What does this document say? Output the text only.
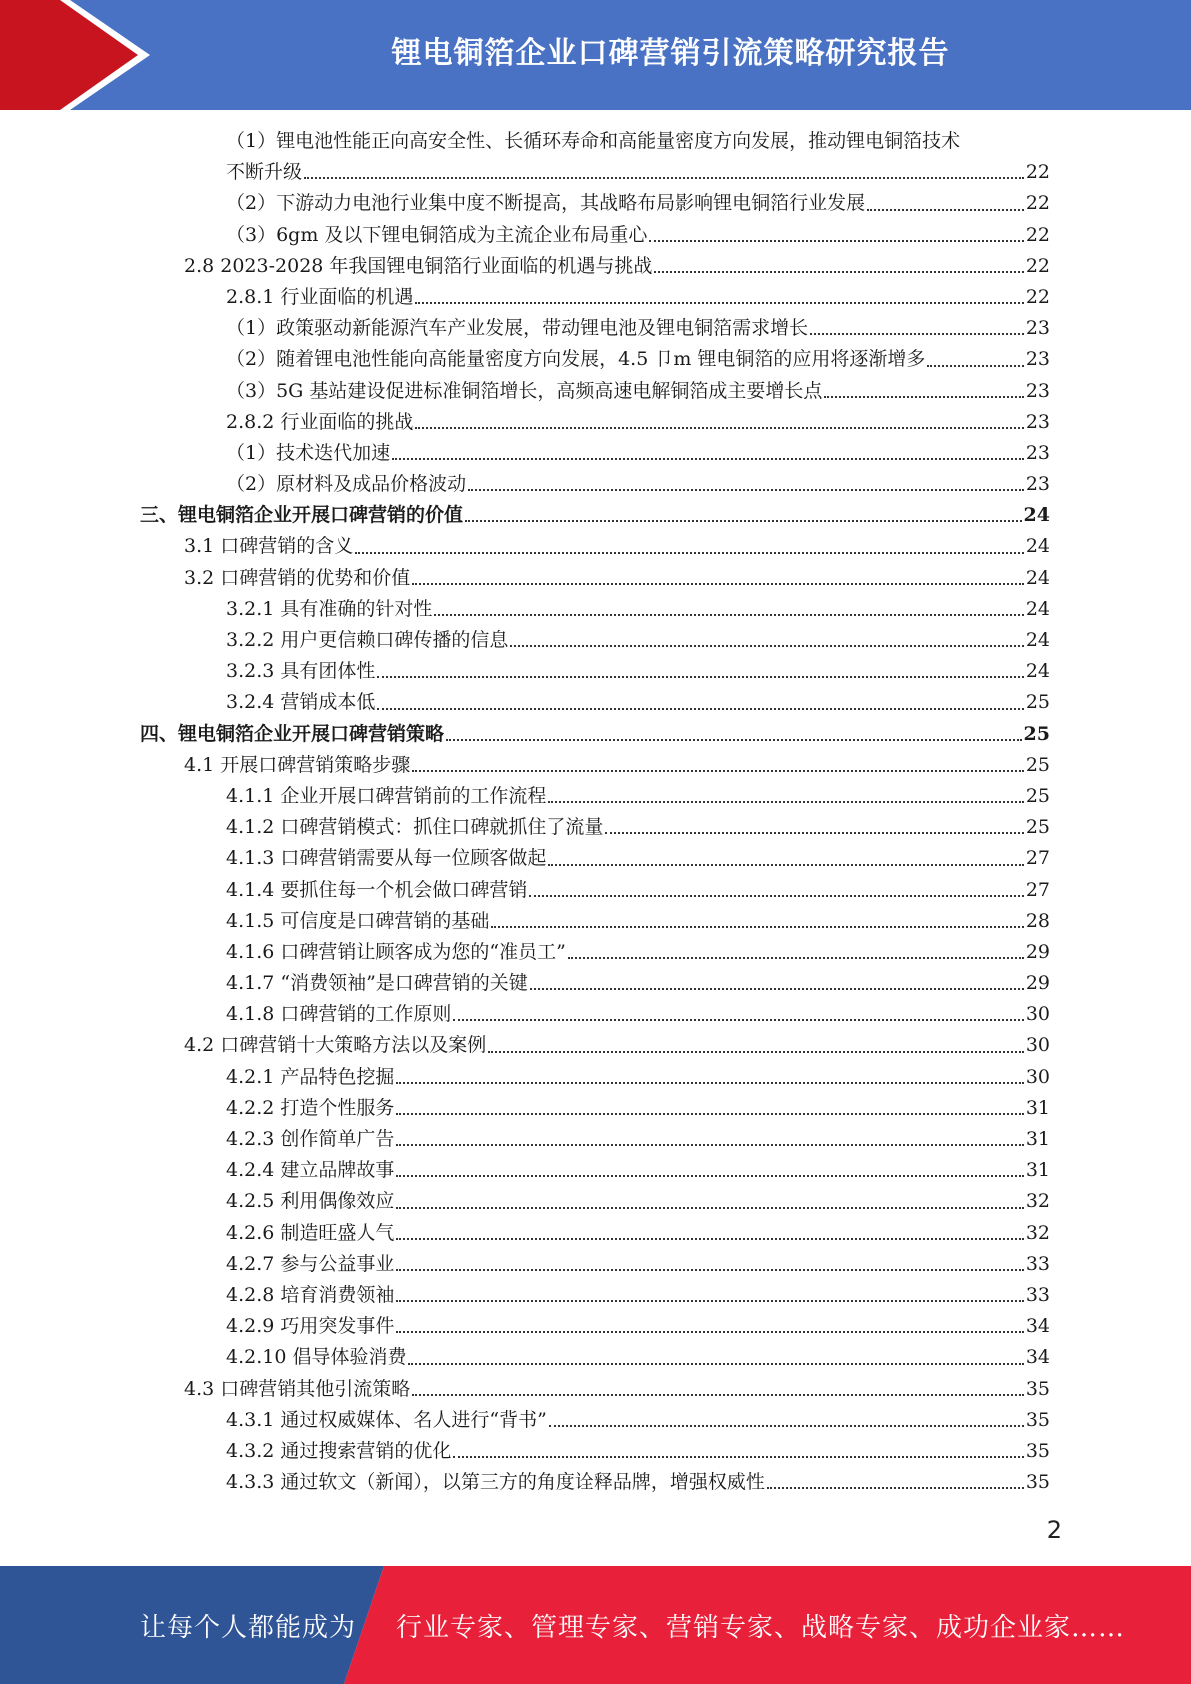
锂电铜箔企业口碑营销引流策略研究报告
（1）锂电池性能正向高安全性、长循环寿命和高能量密度方向发展，推动锂电铜箔技术
不断升级	22
（2）下游动力电池行业集中度不断提高，其战略布局影响锂电铜箔行业发展	22
（3）6gm 及以下锂电铜箔成为主流企业布局重心	22
2.8 2023-2028 年我国锂电铜箔行业面临的机遇与挑战	22
2.8.1 行业面临的机遇	22
（1）政策驱动新能源汽车产业发展，带动锂电池及锂电铜箔需求增长	23
（2）随着锂电池性能向高能量密度方向发展，4.5 卩m 锂电铜箔的应用将逐渐增多	23
（3）5G 基站建设促进标准铜箔增长，高频高速电解铜箔成主要增长点	23
2.8.2 行业面临的挑战	23
（1）技术迭代加速	23
（2）原材料及成品价格波动	23
三、锂电铜箔企业开展口碑营销的价值	24
3.1 口碑营销的含义	24
3.2 口碑营销的优势和价值	24
3.2.1 具有准确的针对性	24
3.2.2 用户更信赖口碑传播的信息	24
3.2.3 具有团体性	24
3.2.4 营销成本低	25
四、锂电铜箔企业开展口碑营销策略	25
4.1 开展口碑营销策略步骤	25
4.1.1 企业开展口碑营销前的工作流程	25
4.1.2 口碑营销模式：抓住口碑就抓住了流量	25
4.1.3 口碑营销需要从每一位顾客做起	27
4.1.4 要抓住每一个机会做口碑营销	27
4.1.5 可信度是口碑营销的基础	28
4.1.6 口碑营销让顾客成为您的“准员工”	29
4.1.7 “消费领袖”是口碑营销的关键	29
4.1.8 口碑营销的工作原则	30
4.2 口碑营销十大策略方法以及案例	30
4.2.1 产品特色挖掘	30
4.2.2 打造个性服务	31
4.2.3 创作简单广告	31
4.2.4 建立品牌故事	31
4.2.5 利用偶像效应	32
4.2.6 制造旺盛人气	32
4.2.7 参与公益事业	33
4.2.8 培育消费领袖	33
4.2.9 巧用突发事件	34
4.2.10 倡导体验消费	34
4.3 口碑营销其他引流策略	35
4.3.1 通过权威媒体、名人进行“背书”	35
4.3.2 通过搜索营销的优化	35
4.3.3 通过软文（新闻），以第三方的角度诠释品牌，增强权威性	35
2
让每个人都能成为 行业专家、管理专家、营销专家、战略专家、成功企业家……
